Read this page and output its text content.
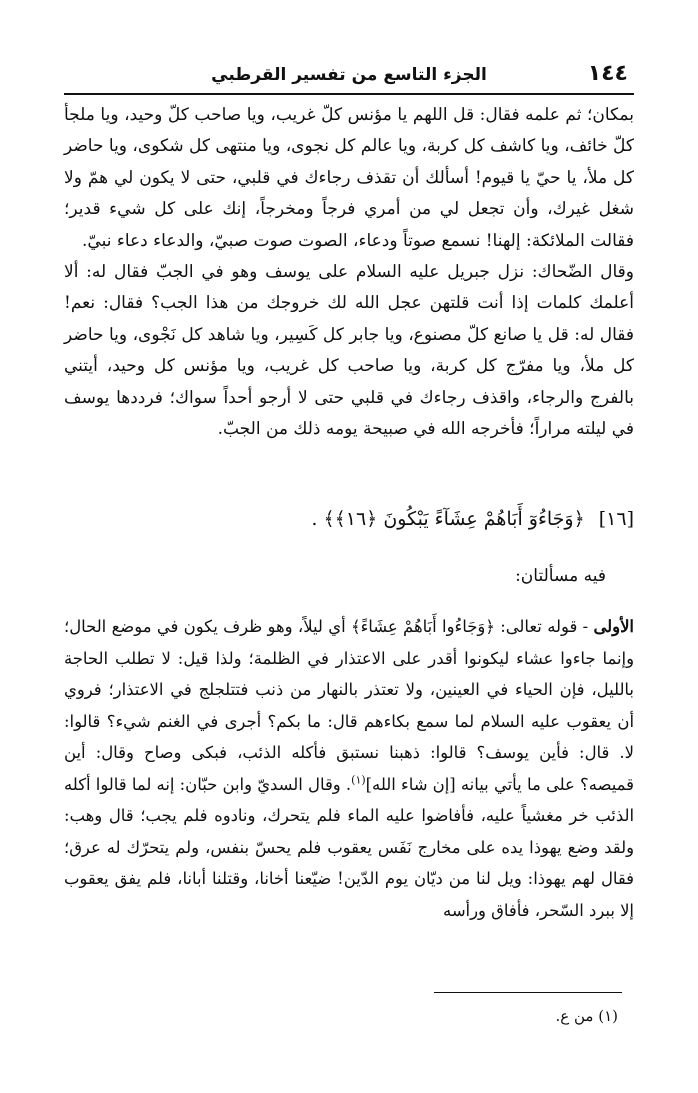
١٤٤
الجزء التاسع من تفسير القرطبي

بمكان؛ ثم علمه فقال: قل اللهم يا مؤنس كلّ غريب، ويا صاحب كلّ وحيد، ويا ملجأ كلّ خائف، ويا كاشف كل كربة، ويا عالم كل نجوى، ويا منتهى كل شكوى، ويا حاضر كل ملأ، يا حيّ يا قيوم! أسألك أن تقذف رجاءك في قلبي، حتى لا يكون لي همّ ولا شغل غيرك، وأن تجعل لي من أمري فرجاً ومخرجاً، إنك على كل شيء قدير؛ فقالت الملائكة: إلهنا! نسمع صوتاً ودعاء، الصوت صوت صبيّ، والدعاء دعاء نبيّ.

وقال الضّحاك: نزل جبريل عليه السلام على يوسف وهو في الجبّ فقال له: ألا أعلمك كلمات إذا أنت قلتهن عجل الله لك خروجك من هذا الجب؟ فقال: نعم! فقال له: قل يا صانع كلّ مصنوع، ويا جابر كل كَسِير، ويا شاهد كل نَجْوى، ويا حاضر كل ملأ، ويا مفرّج كل كربة، ويا صاحب كل غريب، ويا مؤنس كل وحيد، أيتني بالفرج والرجاء، واقذف رجاءك في قلبي حتى لا أرجو أحداً سواك؛ فرددها يوسف في ليلته مراراً؛ فأخرجه الله في صبيحة يومه ذلك من الجبّ.

[١٦]﴿وَجَاءُوٓ أَبَاهُمْ عِشَآءً يَبْكُونَ ﴿١٦﴾﴾ .
فيه مسألتان:

الأولى - قوله تعالى: ﴿وَجَاءُوا أَبَاهُمْ عِشَاءً﴾ أي ليلاً، وهو ظرف يكون في موضع الحال؛ وإنما جاءوا عشاء ليكونوا أقدر على الاعتذار في الظلمة؛ ولذا قيل: لا تطلب الحاجة بالليل، فإن الحياء في العينين، ولا تعتذر بالنهار من ذنب فتتلجلج في الاعتذار؛ فروي أن يعقوب عليه السلام لما سمع بكاءهم قال: ما بكم؟ أجرى في الغنم شيء؟ قالوا: لا. قال: فأين يوسف؟ قالوا: ذهبنا نستبق فأكله الذئب، فبكى وصاح وقال: أين قميصه؟ على ما يأتي بيانه [إن شاء الله]$^{(١)}$. وقال السديّ وابن حبّان: إنه لما قالوا أكله الذئب خر مغشياً عليه، فأفاضوا عليه الماء فلم يتحرك، ونادوه فلم يجب؛ قال وهب: ولقد وضع يهوذا يده على مخارج نَفَس يعقوب فلم يحسّ بنفس، ولم يتحرّك له عرق؛ فقال لهم يهوذا: ويل لنا من ديّان يوم الدّين! ضيّعنا أخانا، وقتلنا أبانا، فلم يفق يعقوب إلا ببرد السّحر، فأفاق ورأسه

(١) من ع.
